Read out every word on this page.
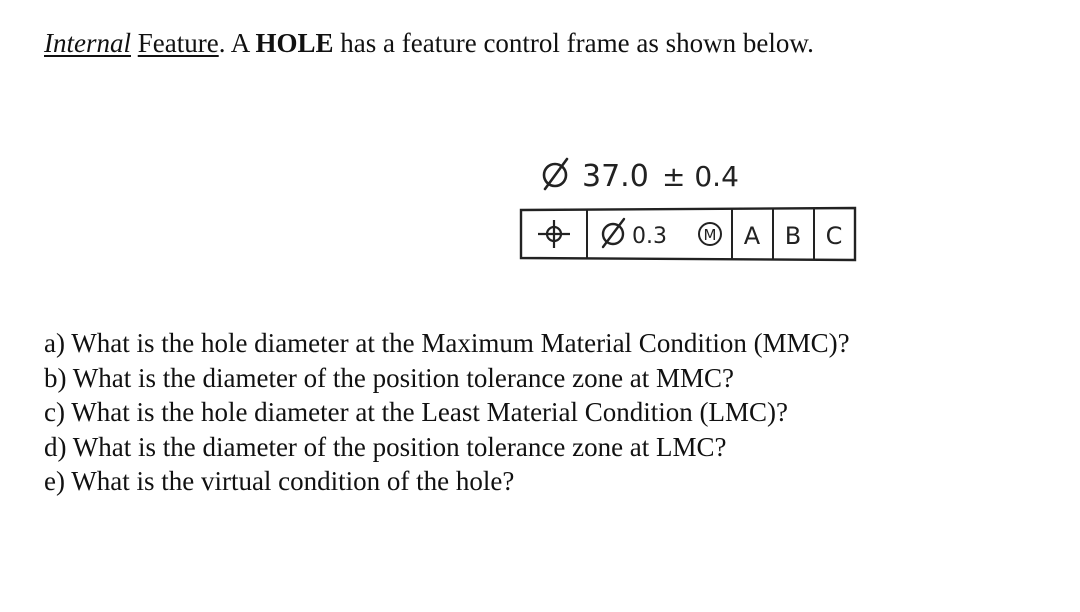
Internal Feature. A HOLE has a feature control frame as shown below.
37.0 ± 0.4
0.3 M A B C
a) What is the hole diameter at the Maximum Material Condition (MMC)?
b) What is the diameter of the position tolerance zone at MMC?
c) What is the hole diameter at the Least Material Condition (LMC)?
d) What is the diameter of the position tolerance zone at LMC?
e) What is the virtual condition of the hole?
